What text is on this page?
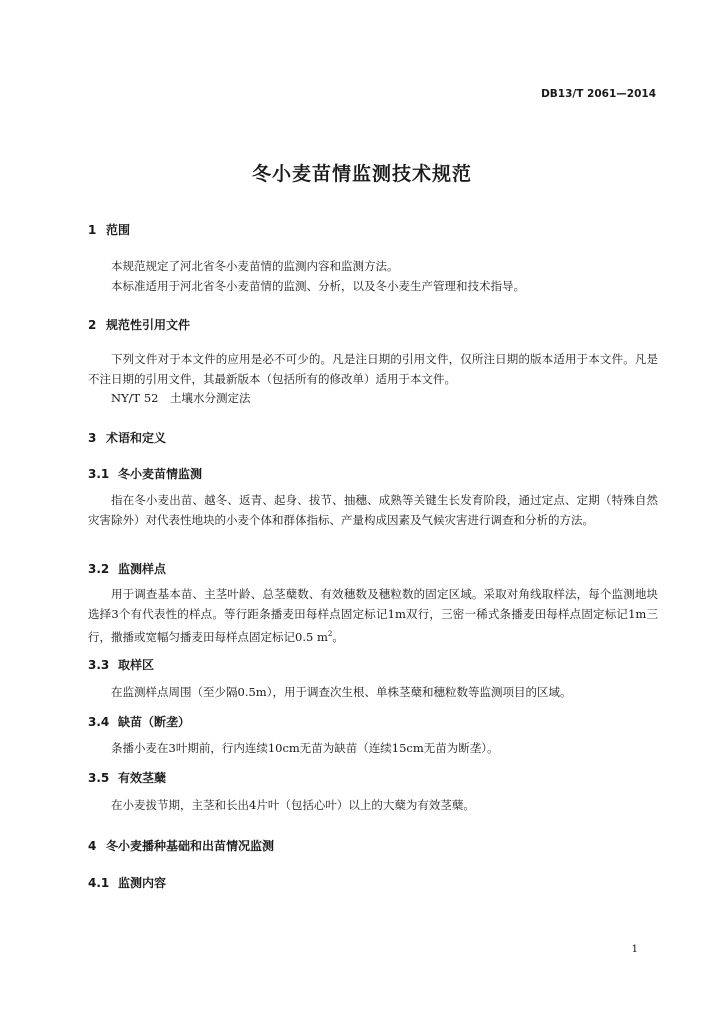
DB13/T 2061—2014
冬小麦苗情监测技术规范
1 范围
本规范规定了河北省冬小麦苗情的监测内容和监测方法。
本标准适用于河北省冬小麦苗情的监测、分析，以及冬小麦生产管理和技术指导。
2 规范性引用文件
下列文件对于本文件的应用是必不可少的。凡是注日期的引用文件，仅所注日期的版本适用于本文件。凡是不注日期的引用文件，其最新版本（包括所有的修改单）适用于本文件。
NY/T 52　土壤水分测定法
3 术语和定义
3.1 冬小麦苗情监测
指在冬小麦出苗、越冬、返青、起身、拔节、抽穗、成熟等关键生长发育阶段，通过定点、定期（特殊自然灾害除外）对代表性地块的小麦个体和群体指标、产量构成因素及气候灾害进行调查和分析的方法。
3.2 监测样点
用于调查基本苗、主茎叶龄、总茎蘖数、有效穗数及穗粒数的固定区域。采取对角线取样法，每个监测地块选择3个有代表性的样点。等行距条播麦田每样点固定标记1m双行，三密一稀式条播麦田每样点固定标记1m三行，撒播或宽幅匀播麦田每样点固定标记0.5 $m^2$。
3.3 取样区
在监测样点周围（至少隔0.5m），用于调查次生根、单株茎蘖和穗粒数等监测项目的区域。
3.4 缺苗（断垄）
条播小麦在3叶期前，行内连续10cm无苗为缺苗（连续15cm无苗为断垄）。
3.5 有效茎蘖
在小麦拔节期，主茎和长出4片叶（包括心叶）以上的大蘖为有效茎蘖。
4 冬小麦播种基础和出苗情况监测
4.1 监测内容
1
